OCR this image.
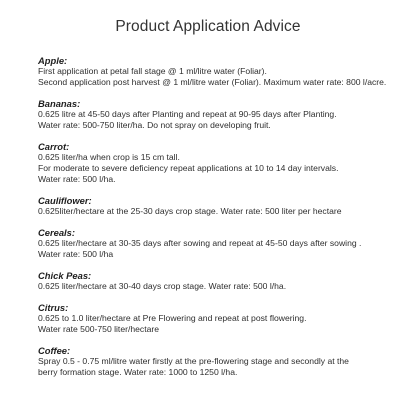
Product Application Advice
Apple:
First application at petal fall stage @ 1 ml/litre water (Foliar).
Second application post harvest @ 1 ml/litre water (Foliar). Maximum water rate: 800 l/acre.
Bananas:
0.625 litre at 45-50 days after Planting and repeat at 90-95 days after Planting.
Water rate: 500-750 liter/ha. Do not spray on developing fruit.
Carrot:
0.625 liter/ha when crop is 15 cm tall.
For moderate to severe deficiency repeat applications at 10 to 14 day intervals.
Water rate: 500 l/ha.
Cauliflower:
0.625liter/hectare at the 25-30 days crop stage. Water rate: 500 liter per hectare
Cereals:
0.625 liter/hectare at 30-35 days after sowing and repeat at 45-50 days after sowing .
Water rate: 500 l/ha
Chick Peas:
0.625 liter/hectare at 30-40 days crop stage. Water rate: 500 l/ha.
Citrus:
0.625 to 1.0 liter/hectare at Pre Flowering and repeat at post flowering.
Water rate 500-750 liter/hectare
Coffee:
Spray 0.5 - 0.75 ml/litre water firstly at the pre-flowering stage and secondly at the
berry formation stage. Water rate: 1000 to 1250 l/ha.
